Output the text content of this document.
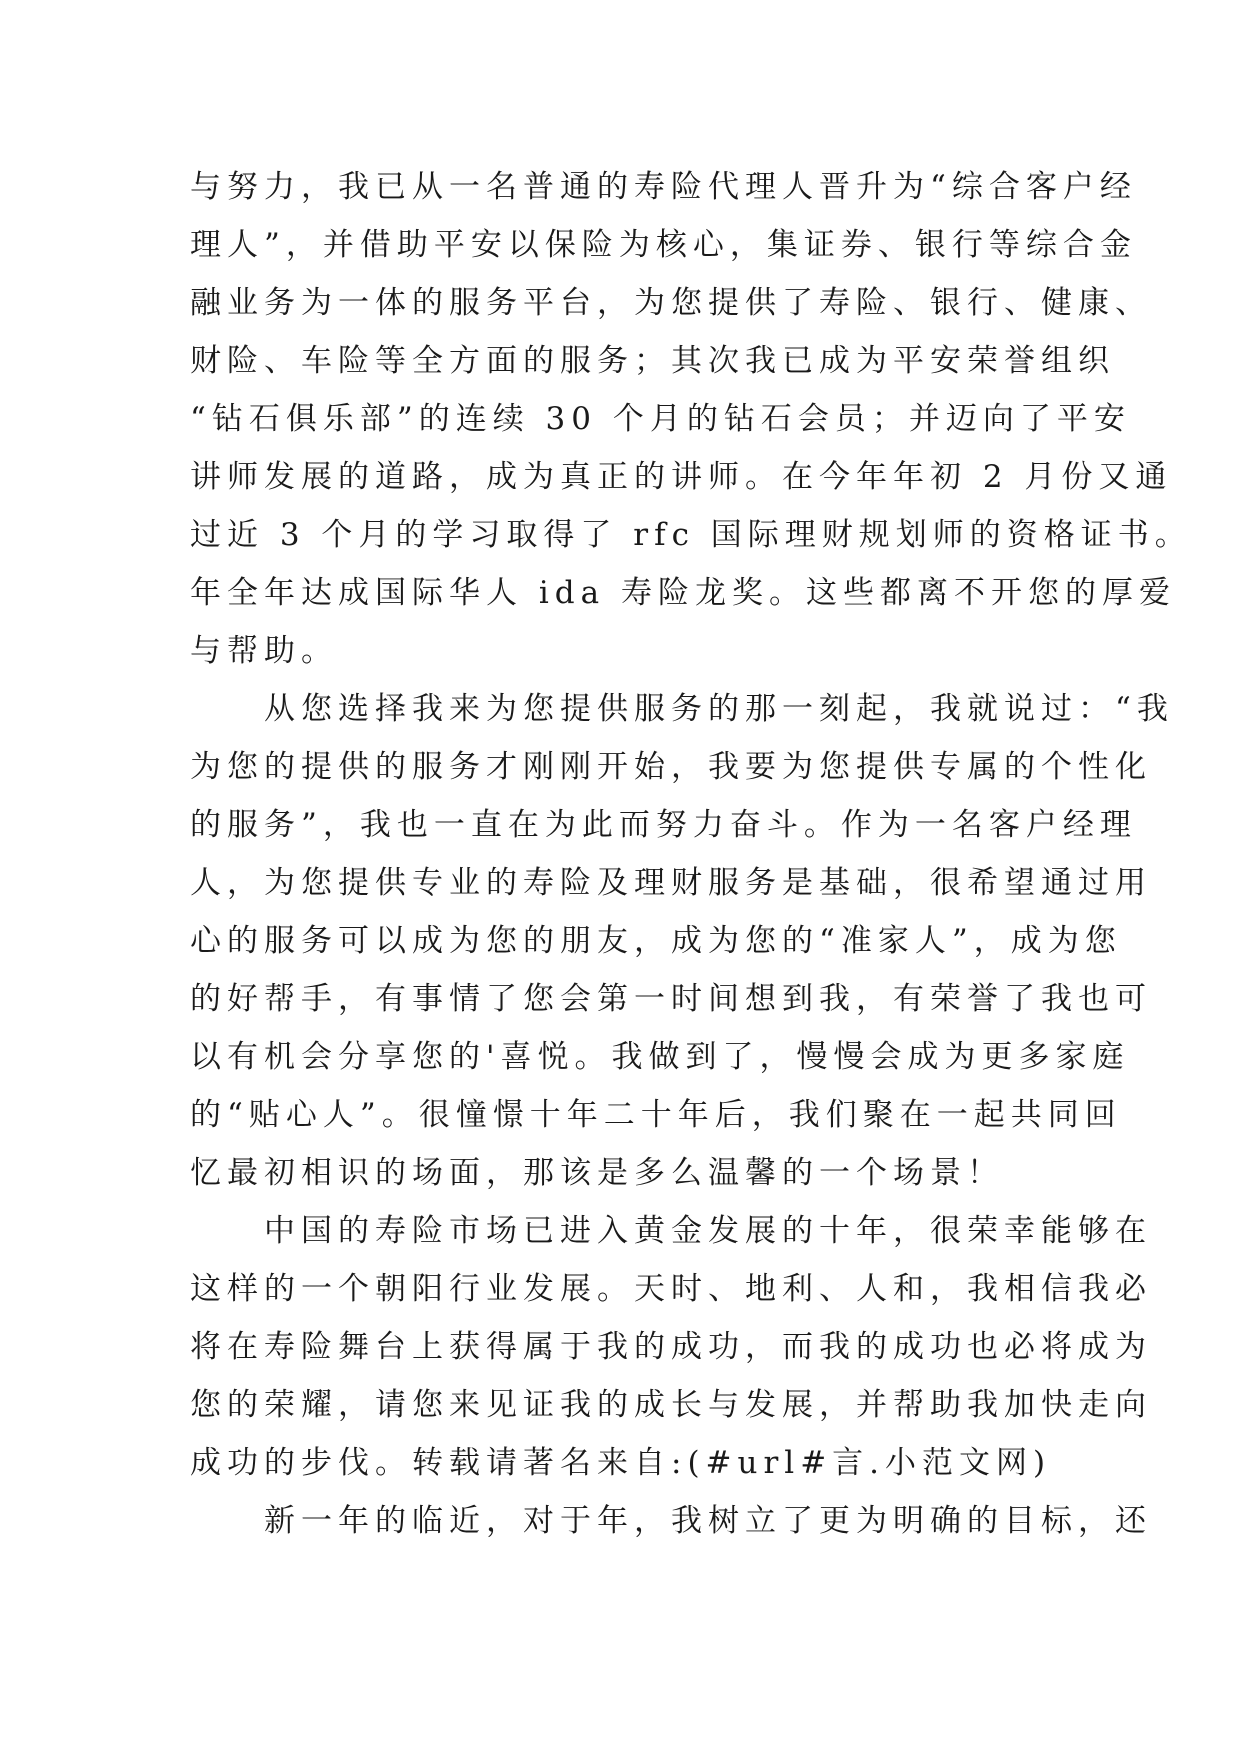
与努力，我已从一名普通的寿险代理人晋升为“综合客户经
理人”，并借助平安以保险为核心，集证券、银行等综合金
融业务为一体的服务平台，为您提供了寿险、银行、健康、
财险、车险等全方面的服务；其次我已成为平安荣誉组织
“钻石俱乐部”的连续 30 个月的钻石会员；并迈向了平安
讲师发展的道路，成为真正的讲师。在今年年初 2 月份又通
过近 3 个月的学习取得了 rfc 国际理财规划师的资格证书。
年全年达成国际华人 ida 寿险龙奖。这些都离不开您的厚爱
与帮助。
　　从您选择我来为您提供服务的那一刻起，我就说过：“我
为您的提供的服务才刚刚开始，我要为您提供专属的个性化
的服务”，我也一直在为此而努力奋斗。作为一名客户经理
人，为您提供专业的寿险及理财服务是基础，很希望通过用
心的服务可以成为您的朋友，成为您的“准家人”，成为您
的好帮手，有事情了您会第一时间想到我，有荣誉了我也可
以有机会分享您的'喜悦。我做到了，慢慢会成为更多家庭
的“贴心人”。很憧憬十年二十年后，我们聚在一起共同回
忆最初相识的场面，那该是多么温馨的一个场景！
　　中国的寿险市场已进入黄金发展的十年，很荣幸能够在
这样的一个朝阳行业发展。天时、地利、人和，我相信我必
将在寿险舞台上获得属于我的成功，而我的成功也必将成为
您的荣耀，请您来见证我的成长与发展，并帮助我加快走向
成功的步伐。转载请著名来自:(#url#言.小范文网)
　　新一年的临近，对于年，我树立了更为明确的目标，还
